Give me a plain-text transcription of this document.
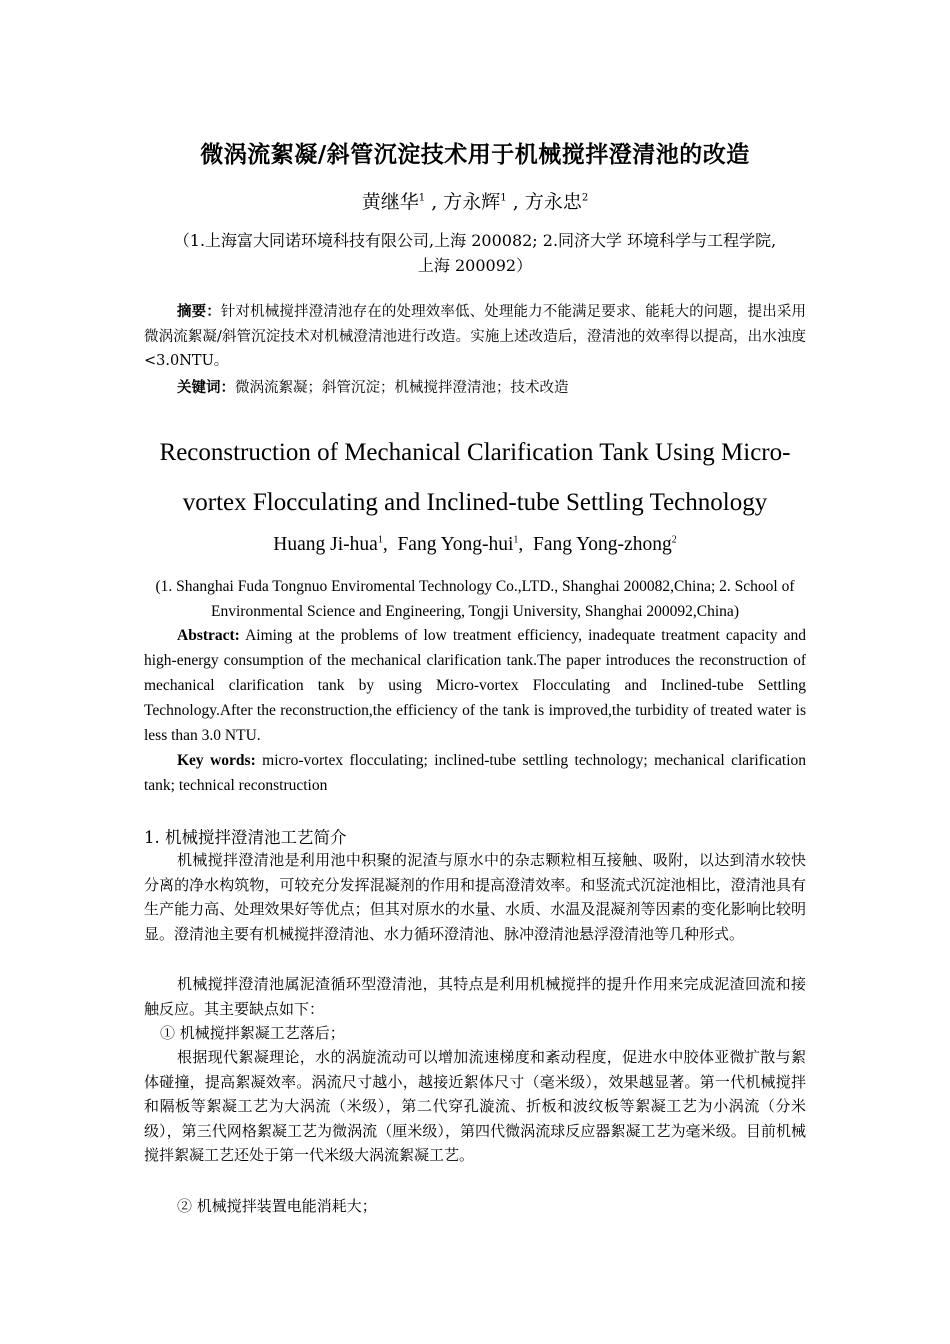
微涡流絮凝/斜管沉淀技术用于机械搅拌澄清池的改造
黄继华$^1$ , 方永辉$^1$ , 方永忠$^2$
（1.上海富大同诺环境科技有限公司,上海 200082; 2.同济大学 环境科学与工程学院,
上海 200092）
摘要：针对机械搅拌澄清池存在的处理效率低、处理能力不能满足要求、能耗大的问题，提出采用微涡流絮凝/斜管沉淀技术对机械澄清池进行改造。实施上述改造后，澄清池的效率得以提高，出水浊度<3.0NTU。
关键词：微涡流絮凝；斜管沉淀；机械搅拌澄清池；技术改造
Reconstruction of Mechanical Clarification Tank Using Micro-
vortex Flocculating and Inclined-tube Settling Technology
Huang Ji-hua$^1$,  Fang Yong-hui$^1$,  Fang Yong-zhong$^2$
(1. Shanghai Fuda Tongnuo Enviromental Technology Co.,LTD., Shanghai 200082,China; 2. School of Environmental Science and Engineering, Tongji University, Shanghai 200092,China)
Abstract: Aiming at the problems of low treatment efficiency, inadequate treatment capacity and high-energy consumption of the mechanical clarification tank.The paper introduces the reconstruction of mechanical clarification tank by using Micro-vortex Flocculating and Inclined-tube Settling Technology.After the reconstruction,the efficiency of the tank is improved,the turbidity of treated water is less than 3.0 NTU.
Key words: micro-vortex flocculating; inclined-tube settling technology; mechanical clarification tank; technical reconstruction
1. 机械搅拌澄清池工艺简介
机械搅拌澄清池是利用池中积聚的泥渣与原水中的杂志颗粒相互接触、吸附，以达到清水较快分离的净水构筑物，可较充分发挥混凝剂的作用和提高澄清效率。和竖流式沉淀池相比，澄清池具有生产能力高、处理效果好等优点；但其对原水的水量、水质、水温及混凝剂等因素的变化影响比较明显。澄清池主要有机械搅拌澄清池、水力循环澄清池、脉冲澄清池悬浮澄清池等几种形式。
机械搅拌澄清池属泥渣循环型澄清池，其特点是利用机械搅拌的提升作用来完成泥渣回流和接触反应。其主要缺点如下：
① 机械搅拌絮凝工艺落后；
根据现代絮凝理论，水的涡旋流动可以增加流速梯度和紊动程度，促进水中胶体亚微扩散与絮体碰撞，提高絮凝效率。涡流尺寸越小，越接近絮体尺寸（毫米级），效果越显著。第一代机械搅拌和隔板等絮凝工艺为大涡流（米级），第二代穿孔漩流、折板和波纹板等絮凝工艺为小涡流（分米级），第三代网格絮凝工艺为微涡流（厘米级），第四代微涡流球反应器絮凝工艺为毫米级。目前机械搅拌絮凝工艺还处于第一代米级大涡流絮凝工艺。
② 机械搅拌装置电能消耗大；
